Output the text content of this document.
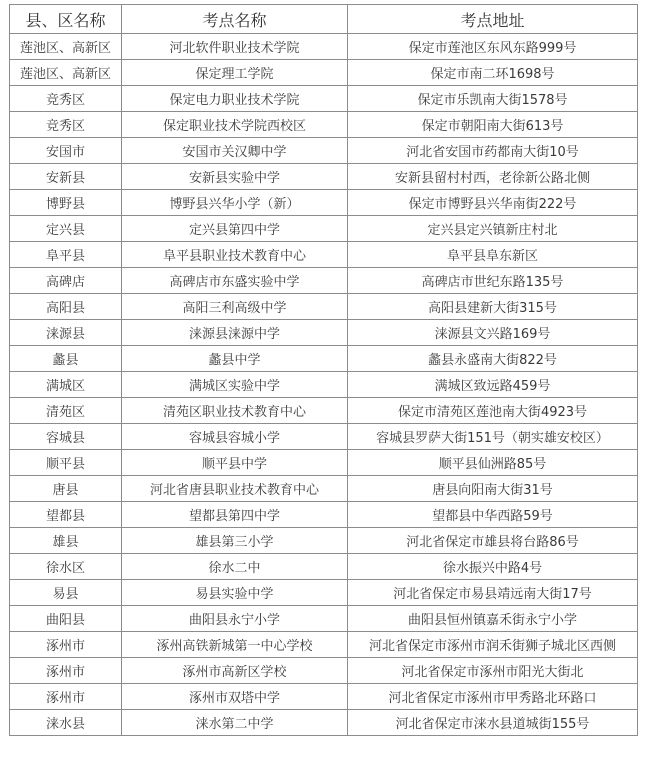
县、区名称	考点名称	考点地址
莲池区、高新区	河北软件职业技术学院	保定市莲池区东风东路999号
莲池区、高新区	保定理工学院	保定市南二环1698号
竞秀区	保定电力职业技术学院	保定市乐凯南大街1578号
竞秀区	保定职业技术学院西校区	保定市朝阳南大街613号
安国市	安国市关汉卿中学	河北省安国市药都南大街10号
安新县	安新县实验中学	安新县留村村西，老徐新公路北侧
博野县	博野县兴华小学（新）	保定市博野县兴华南街222号
定兴县	定兴县第四中学	定兴县定兴镇新庄村北
阜平县	阜平县职业技术教育中心	阜平县阜东新区
高碑店	高碑店市东盛实验中学	高碑店市世纪东路135号
高阳县	高阳三利高级中学	高阳县建新大街315号
涞源县	涞源县涞源中学	涞源县文兴路169号
蠡县	蠡县中学	蠡县永盛南大街822号
满城区	满城区实验中学	满城区致远路459号
清苑区	清苑区职业技术教育中心	保定市清苑区莲池南大街4923号
容城县	容城县容城小学	容城县罗萨大街151号（朝实雄安校区）
顺平县	顺平县中学	顺平县仙洲路85号
唐县	河北省唐县职业技术教育中心	唐县向阳南大街31号
望都县	望都县第四中学	望都县中华西路59号
雄县	雄县第三小学	河北省保定市雄县将台路86号
徐水区	徐水二中	徐水振兴中路4号
易县	易县实验中学	河北省保定市易县靖远南大街17号
曲阳县	曲阳县永宁小学	曲阳县恒州镇嘉禾街永宁小学
涿州市	涿州高铁新城第一中心学校	河北省保定市涿州市润禾街狮子城北区西侧
涿州市	涿州市高新区学校	河北省保定市涿州市阳光大街北
涿州市	涿州市双塔中学	河北省保定市涿州市甲秀路北环路口
涞水县	涞水第二中学	河北省保定市涞水县道城街155号
